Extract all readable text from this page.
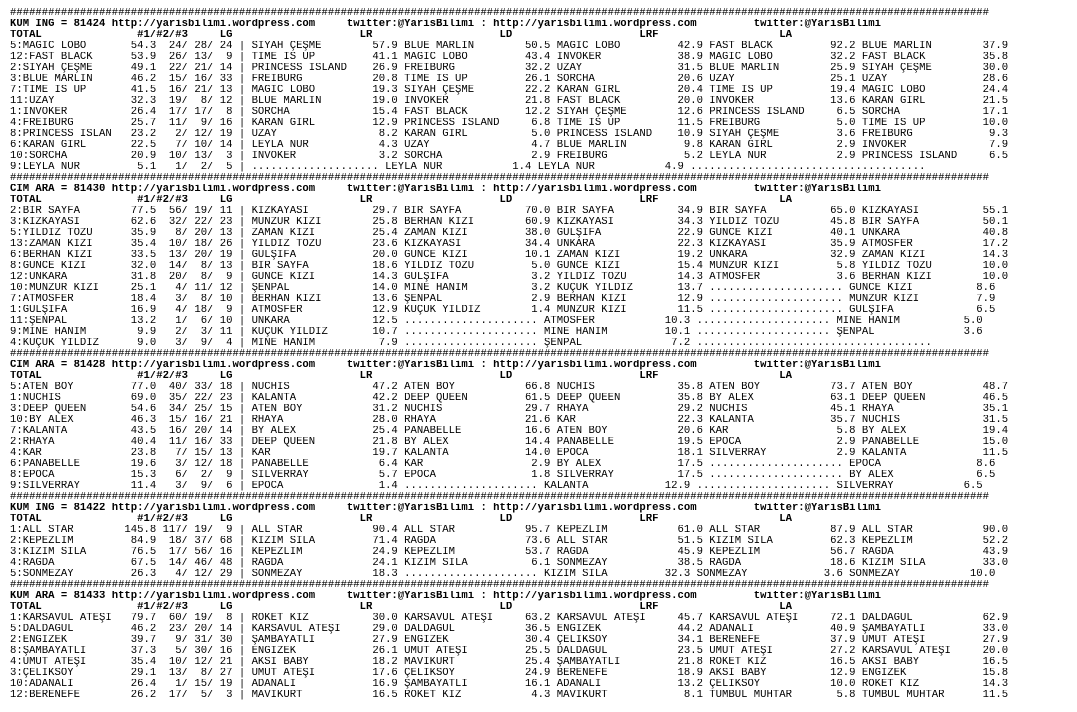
##########################################################################################################################################################
KUM ING = 81424 http://yarisbilimi.wordpress.com     twitter:@YarisBilimi : http://yarisbilimi.wordpress.com         twitter:@YarisBilimi
TOTAL               #1/#2/#3     LG                    LR                    LD                    LRF                   LA
5:MAGIC LOBO       54.3  24/ 28/ 24 | SİYAH ÇEŞME        57.9 BLUE MARLIN        50.5 MAGIC LOBO         42.9 FAST BLACK         92.2 BLUE MARLIN        37.9
12:FAST BLACK      53.9  26/ 13/  9 | TIME IS UP         41.1 MAGIC LOBO         43.4 INVOKER            38.9 MAGIC LOBO         32.2 FAST BLACK         35.8
2:SİYAH ÇEŞME      49.1  22/ 21/ 14 | PRINCESS ISLAND    26.9 FREIBURG           32.2 UZAY               31.5 BLUE MARLIN        25.9 SİYAH ÇEŞME        30.0
3:BLUE MARLIN      46.2  15/ 16/ 33 | FREIBURG           20.8 TIME IS UP         26.1 SORCHA             20.6 UZAY               25.1 UZAY               28.6
7:TIME IS UP       41.5  16/ 21/ 13 | MAGIC LOBO         19.3 SİYAH ÇEŞME        22.2 KARAN GIRL         20.4 TIME IS UP         19.4 MAGIC LOBO         24.4
11:UZAY            32.3  19/  8/ 12 | BLUE MARLIN        19.0 INVOKER            21.8 FAST BLACK         20.0 INVOKER            13.6 KARAN GIRL         21.5
1:INVOKER          26.4  17/ 17/  8 | SORCHA             15.4 FAST BLACK         12.2 SİYAH ÇEŞME        12.6 PRINCESS ISLAND     6.5 SORCHA             17.1
4:FREIBURG         25.7  11/  9/ 16 | KARAN GIRL         12.9 PRINCESS ISLAND     6.8 TIME IS UP         11.5 FREIBURG            5.0 TIME IS UP         10.0
8:PRINCESS ISLAN   23.2   2/ 12/ 19 | UZAY                8.2 KARAN GIRL          5.0 PRINCESS ISLAND    10.9 SİYAH ÇEŞME         3.6 FREIBURG            9.3
6:KARAN GIRL       22.5   7/ 10/ 14 | LEYLA NUR           4.3 UZAY                4.7 BLUE MARLIN         9.8 KARAN GIRL          2.9 INVOKER             7.9
10:SORCHA          20.9  10/ 13/  3 | INVOKER             3.2 SORCHA              2.9 FREIBURG            5.2 LEYLA NUR           2.9 PRINCESS ISLAND     6.5
9:LEYLA NUR         5.1   1/  2/  5 | .................... LEYLA NUR           1.4 LEYLA NUR           4.9 .....................................
##########################################################################################################################################################
CIM ARA = 81430 http://yarisbilimi.wordpress.com     twitter:@YarisBilimi : http://yarisbilimi.wordpress.com         twitter:@YarisBilimi
TOTAL               #1/#2/#3     LG                    LR                    LD                    LRF                   LA
2:BIR SAYFA        77.5  56/ 19/ 11 | KIZKAYASI          29.7 BIR SAYFA          70.0 BIR SAYFA          34.9 BIR SAYFA          65.0 KIZKAYASI          55.1
3:KIZKAYASI        62.6  32/ 22/ 23 | MUNZUR KIZI        25.8 BERHAN KIZI        60.9 KIZKAYASI          34.3 YILDIZ TOZU        45.8 BIR SAYFA          50.1
5:YILDIZ TOZU      35.9   8/ 20/ 13 | ZAMAN KIZI         25.4 ZAMAN KIZI         38.0 GÜLŞİFA            22.9 GUNCE KIZI         40.1 ÜNKARA             40.8
13:ZAMAN KIZI      35.4  10/ 18/ 26 | YILDIZ TOZU        23.6 KIZKAYASI          34.4 ÜNKARA             22.3 KIZKAYASI          35.9 ATMOSFER           17.2
6:BERHAN KIZI      33.5  13/ 20/ 19 | GÜLŞİFA            20.0 GUNCE KIZI         10.1 ZAMAN KIZI         19.2 ÜNKARA             32.9 ZAMAN KIZI         14.3
8:GUNCE KIZI       32.0  14/  8/ 13 | BIR SAYFA          18.6 YILDIZ TOZU         5.0 GUNCE KIZI         15.4 MUNZUR KIZI         5.8 YILDIZ TOZU        10.0
12:ÜNKARA          31.8  20/  8/  9 | GUNCE KIZI         14.3 GÜLŞİFA             3.2 YILDIZ TOZU        14.3 ATMOSFER            3.6 BERHAN KIZI        10.0
10:MUNZUR KIZI     25.1   4/ 11/ 12 | ŞENPAL             14.0 MİNE HANIM          3.2 KÜÇÜK YILDIZ       13.7 ..................... GUNCE KIZI          8.6
7:ATMOSFER         18.4   3/  8/ 10 | BERHAN KIZI        13.6 ŞENPAL              2.9 BERHAN KIZI        12.9 ..................... MUNZUR KIZI         7.9
1:GÜLŞİFA          16.9   4/ 18/  9 | ATMOSFER           12.9 KÜÇÜK YILDIZ        1.4 MUNZUR KIZI        11.5 ..................... GÜLŞİFA             6.5
11:ŞENPAL          13.2   1/  6/ 10 | ÜNKARA             12.5 ..................... ATMOSFER           10.3 ..................... MİNE HANIM          5.0
9:MİNE HANIM        9.9   2/  3/ 11 | KÜÇÜK YILDIZ       10.7 ..................... MİNE HANIM         10.1 ..................... ŞENPAL              3.6
4:KÜÇÜK YILDIZ      9.0   3/  9/  4 | MİNE HANIM          7.9 ..................... ŞENPAL              7.2 .....................................
##########################################################################################################################################################
CIM ARA = 81428 http://yarisbilimi.wordpress.com     twitter:@YarisBilimi : http://yarisbilimi.wordpress.com         twitter:@YarisBilimi
TOTAL               #1/#2/#3     LG                    LR                    LD                    LRF                   LA
5:ATEN BOY         77.0  40/ 33/ 18 | NUCHIS             47.2 ATEN BOY           66.8 NUCHIS             35.8 ATEN BOY           73.7 ATEN BOY           48.7
1:NUCHIS           69.0  35/ 22/ 23 | KALANTA            42.2 DEEP QUEEN         61.5 DEEP QUEEN         35.8 BY ALEX            63.1 DEEP QUEEN         46.5
3:DEEP QUEEN       54.6  34/ 25/ 15 | ATEN BOY           31.2 NUCHIS             29.7 RHAYA              29.2 NUCHIS             45.1 RHAYA              35.1
10:BY ALEX         46.3  15/ 16/ 21 | RHAYA              28.0 RHAYA              21.6 KAR                22.3 KALANTA            35.7 NUCHIS             31.5
7:KALANTA          43.5  16/ 20/ 14 | BY ALEX            25.4 PANABELLE          16.6 ATEN BOY           20.6 KAR                 5.8 BY ALEX            19.4
2:RHAYA            40.4  11/ 16/ 33 | DEEP QUEEN         21.8 BY ALEX            14.4 PANABELLE          19.5 EPOCA               2.9 PANABELLE          15.0
4:KAR              23.8   7/ 15/ 13 | KAR                19.7 KALANTA            14.0 EPOCA              18.1 SILVERRAY           2.9 KALANTA            11.5
6:PANABELLE        19.6   3/ 12/ 18 | PANABELLE           6.4 KAR                 2.9 BY ALEX            17.5 ..................... EPOCA               8.6
8:EPOCA            15.3   6/  2/  9 | SILVERRAY           5.7 EPOCA               1.8 SILVERRAY          17.5 ..................... BY ALEX             6.5
9:SILVERRAY        11.4   3/  9/  6 | EPOCA               1.4 ..................... KALANTA            12.9 ..................... SILVERRAY           6.5
##########################################################################################################################################################
KUM ING = 81422 http://yarisbilimi.wordpress.com     twitter:@YarisBilimi : http://yarisbilimi.wordpress.com         twitter:@YarisBilimi
TOTAL               #1/#2/#3     LG                    LR                    LD                    LRF                   LA
1:ALL STAR        145.8 117/ 19/  9 | ALL STAR           90.4 ALL STAR           95.7 KEPEZLİM           61.0 ALL STAR           87.9 ALL STAR           90.0
2:KEPEZLİM         84.9  18/ 37/ 68 | KIZIM SILA         71.4 RAĞDA              73.6 ALL STAR           51.5 KIZIM SILA         62.3 KEPEZLİM           52.2
3:KIZIM SILA       76.5  17/ 56/ 16 | KEPEZLİM           24.9 KEPEZLİM           53.7 RAĞDA              45.9 KEPEZLİM           56.7 RAĞDA              43.9
4:RAĞDA            67.5  14/ 46/ 48 | RAĞDA              24.1 KIZIM SILA          6.1 SÖNMEZAY           38.5 RAĞDA              18.6 KIZIM SILA         33.0
5:SÖNMEZAY         26.3   4/ 12/ 29 | SÖNMEZAY           18.3 ..................... KIZIM SILA         32.3 SÖNMEZAY            3.6 SÖNMEZAY           10.0
##########################################################################################################################################################
KUM ARA = 81433 http://yarisbilimi.wordpress.com     twitter:@YarisBilimi : http://yarisbilimi.wordpress.com         twitter:@YarisBilimi
TOTAL               #1/#2/#3     LG                    LR                    LD                    LRF                   LA
1:KARSAVUL ATEŞİ   79.7  60/ 19/  8 | ROKET KIZ          30.0 KARSAVUL ATEŞİ     63.2 KARSAVUL ATEŞİ     45.7 KARSAVUL ATEŞİ     72.1 DALDAGÜL           62.9
5:DALDAGÜL         46.2  23/ 20/ 14 | KARSAVUL ATEŞİ     29.0 DALDAGÜL           36.5 ENGİZEK            44.2 ADANALI            40.9 ŞAMBAYATLI         33.0
2:ENGİZEK          39.7   9/ 31/ 30 | ŞAMBAYATLI         27.9 ENGİZEK            30.4 ÇELİKSOY           34.1 BERENEFE           37.9 UMUT ATEŞİ         27.9
8:ŞAMBAYATLI       37.3   5/ 30/ 16 | ENGİZEK            26.1 UMUT ATEŞİ         25.5 DALDAGÜL           23.5 UMUT ATEŞİ         27.2 KARSAVUL ATEŞİ     20.0
4:UMUT ATEŞİ       35.4  10/ 12/ 21 | AKSİ BABY          18.2 MAVİKURT           25.4 ŞAMBAYATLI         21.8 ROKET KIZ          16.5 AKSİ BABY          16.5
3:ÇELİKSOY         29.1  13/  8/ 27 | UMUT ATEŞİ         17.6 ÇELİKSOY           24.9 BERENEFE           18.9 AKSİ BABY          12.9 ENGİZEK            15.8
10:ADANALI         26.4   1/ 15/ 19 | ADANALI            16.9 ŞAMBAYATLI         16.1 ADANALI            13.2 ÇELİKSOY           10.0 ROKET KIZ          14.3
12:BERENEFE        26.2  17/  5/  3 | MAVİKURT           16.5 ROKET KIZ           4.3 MAVİKURT            8.1 TUMBUL MUHTAR       5.8 TUMBUL MUHTAR      11.5
